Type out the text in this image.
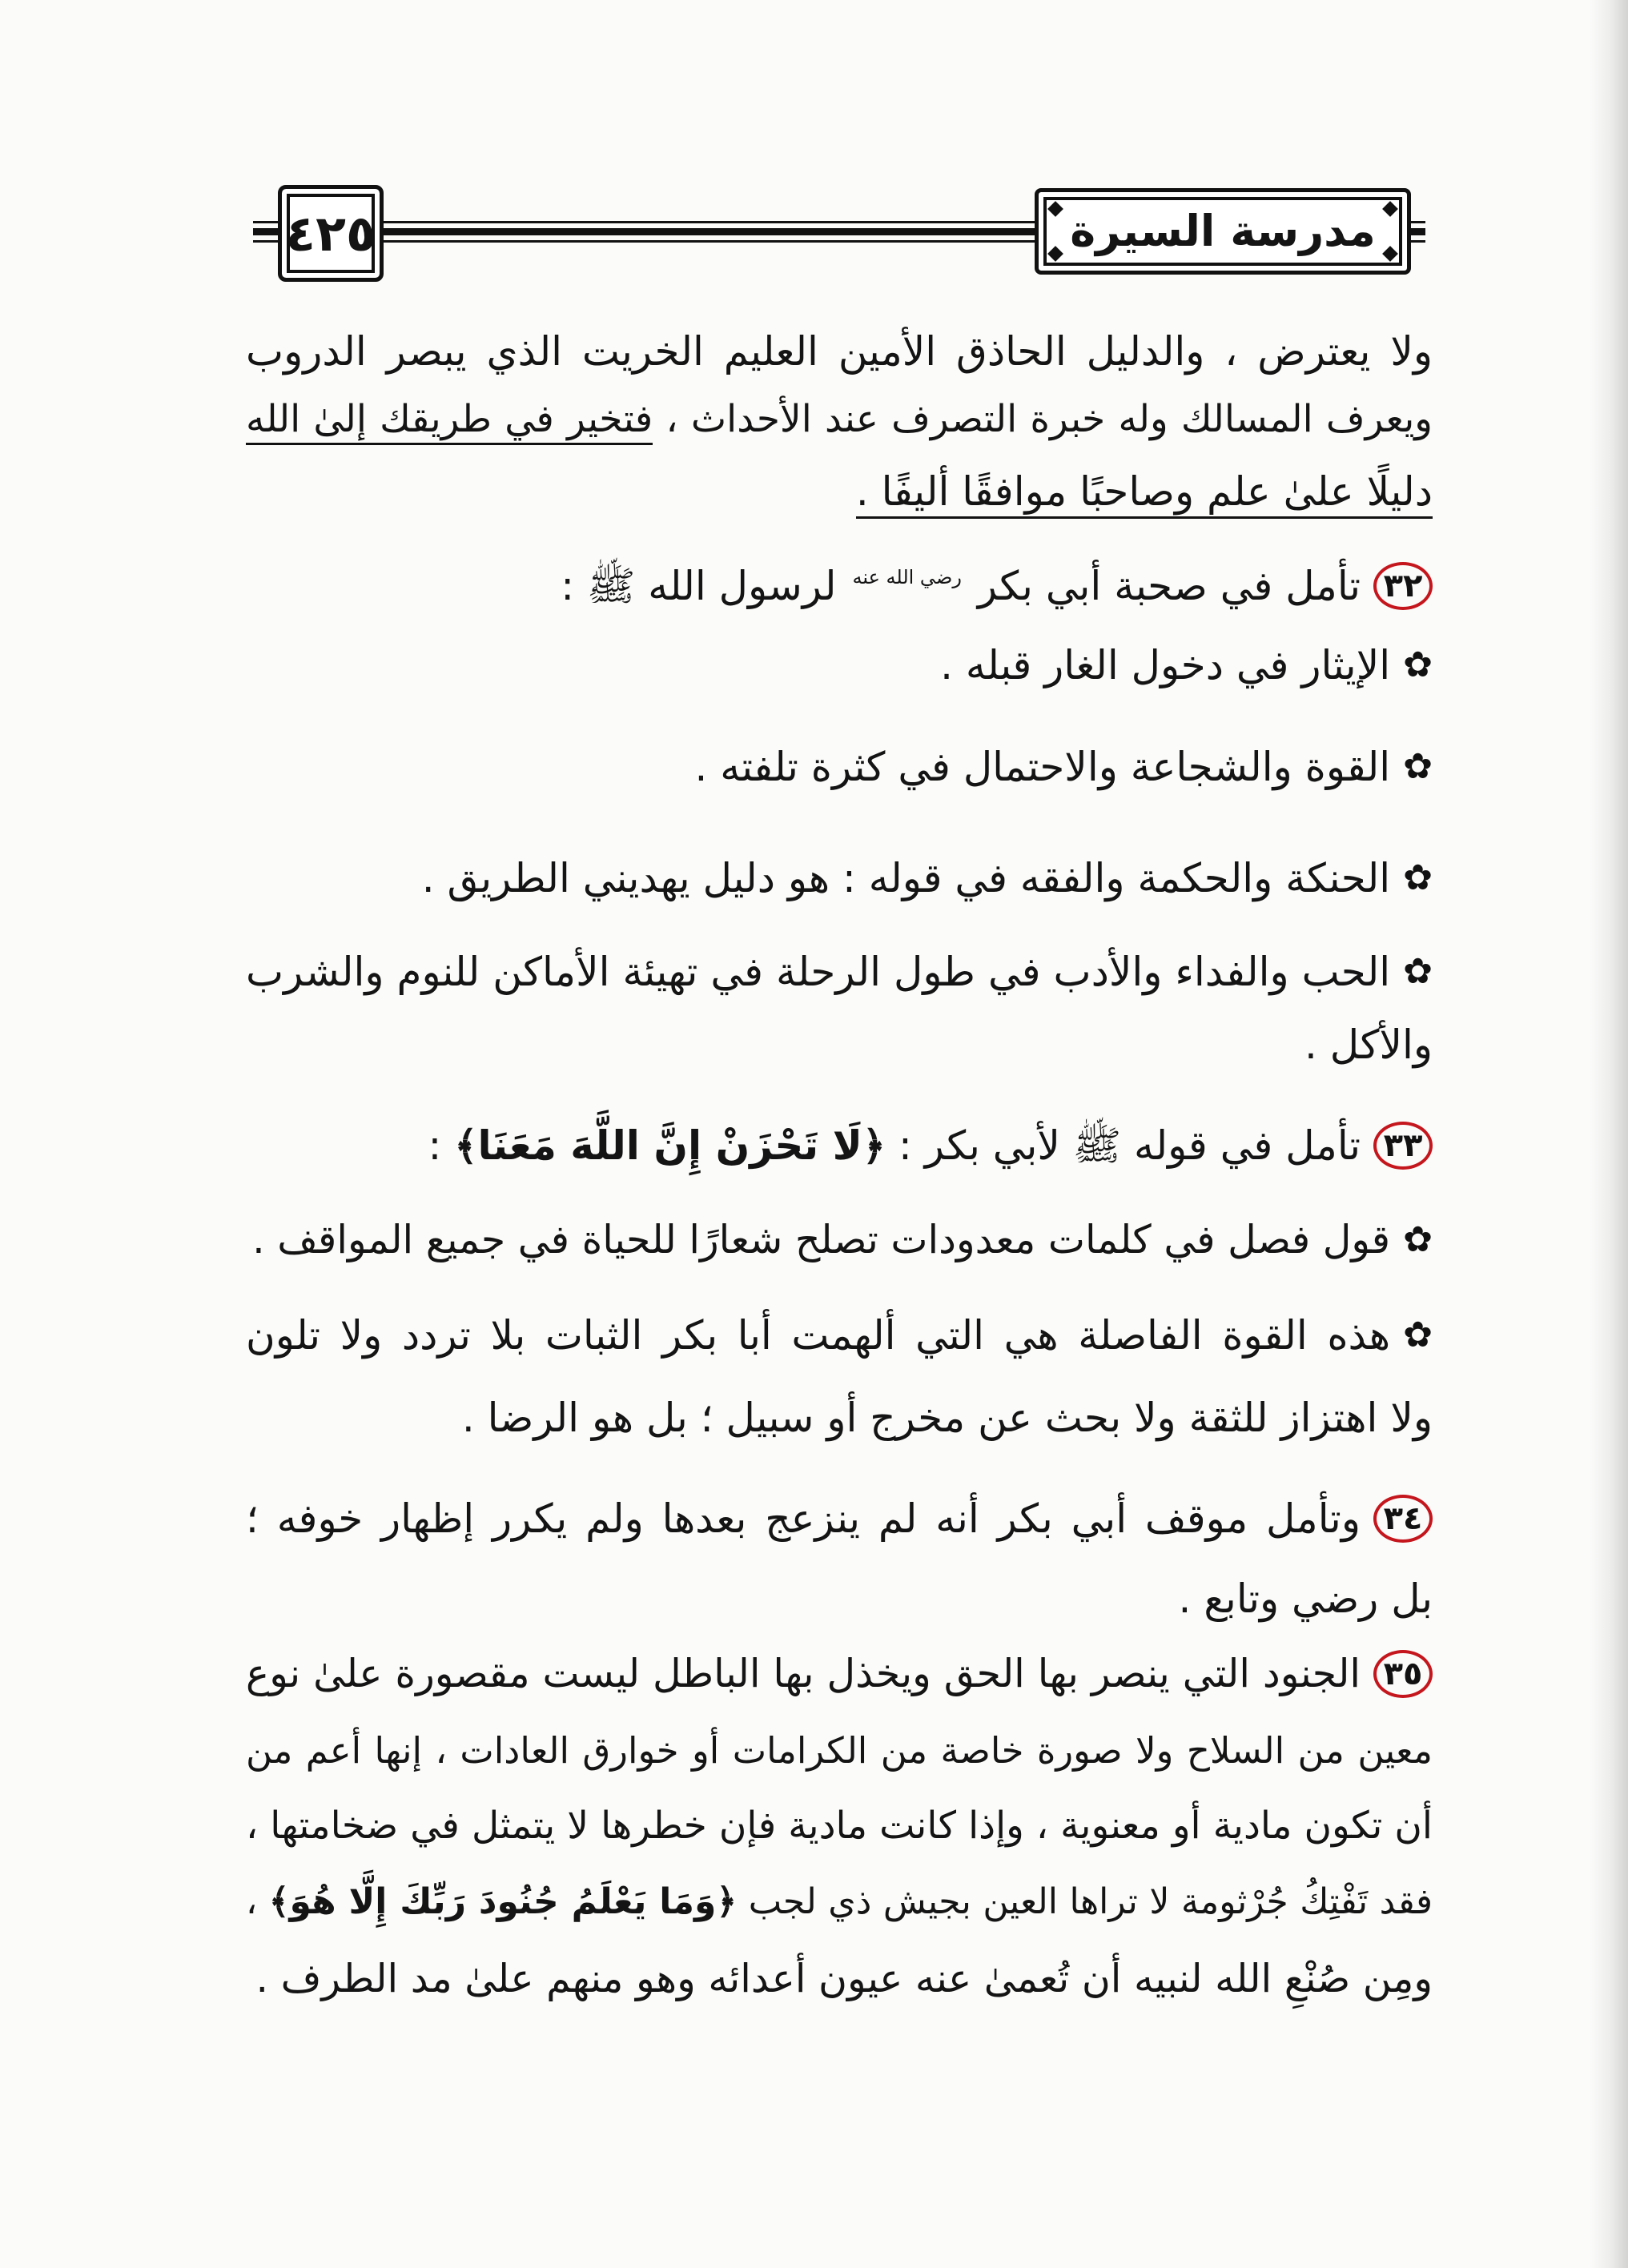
٤٢٥	مدرسة السيرة
ولا يعترض ، والدليل الحاذق الأمين العليم الخريت الذي يبصر الدروب
ويعرف المسالك وله خبرة التصرف عند الأحداث ، فتخير في طريقك إلىٰ الله
دليلًا علىٰ علم وصاحبًا موافقًا أليفًا .
٣٢
تأمل في صحبة أبي بكر رضي الله عنه لرسول الله ﷺ :
✿
الإيثار في دخول الغار قبله .
✿
القوة والشجاعة والاحتمال في كثرة تلفته .
✿
الحنكة والحكمة والفقه في قوله : هو دليل يهديني الطريق .
✿
الحب والفداء والأدب في طول الرحلة في تهيئة الأماكن للنوم والشرب
والأكل .
٣٣
تأمل في قوله ﷺ لأبي بكر : ﴿لَا تَحْزَنْ إِنَّ اللَّهَ مَعَنَا﴾ :
✿
قول فصل في كلمات معدودات تصلح شعارًا للحياة في جميع المواقف .
✿
هذه القوة الفاصلة هي التي ألهمت أبا بكر الثبات بلا تردد ولا تلون
ولا اهتزاز للثقة ولا بحث عن مخرج أو سبيل ؛ بل هو الرضا .
٣٤
وتأمل موقف أبي بكر أنه لم ينزعج بعدها ولم يكرر إظهار خوفه ؛
بل رضي وتابع .
٣٥
الجنود التي ينصر بها الحق ويخذل بها الباطل ليست مقصورة علىٰ نوع
معين من السلاح ولا صورة خاصة من الكرامات أو خوارق العادات ، إنها أعم من
أن تكون مادية أو معنوية ، وإذا كانت مادية فإن خطرها لا يتمثل في ضخامتها ،
فقد تَفْتِكُ جُرْثومة لا تراها العين بجيش ذي لجب ﴿وَمَا يَعْلَمُ جُنُودَ رَبِّكَ إِلَّا هُوَ﴾ ،
ومِن صُنْعِ الله لنبيه أن تُعمىٰ عنه عيون أعدائه وهو منهم علىٰ مد الطرف .
